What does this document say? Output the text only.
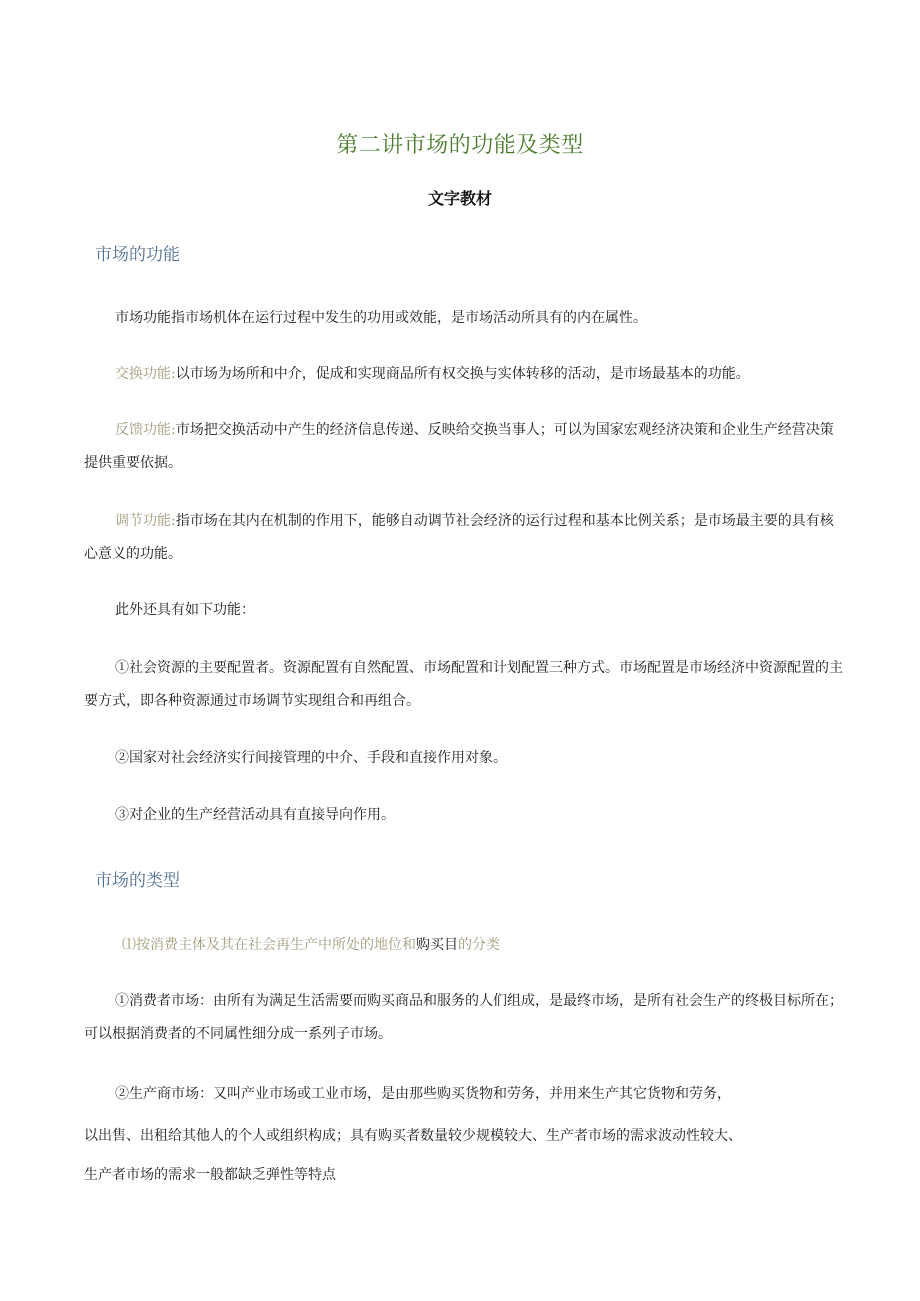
第二讲市场的功能及类型
文字教材
市场的功能
市场功能指市场机体在运行过程中发生的功用或效能，是市场活动所具有的内在属性。
交换功能:以市场为场所和中介，促成和实现商品所有权交换与实体转移的活动，是市场最基本的功能。
反馈功能:市场把交换活动中产生的经济信息传递、反映给交换当事人；可以为国家宏观经济决策和企业生产经营决策提供重要依据。
调节功能:指市场在其内在机制的作用下，能够自动调节社会经济的运行过程和基本比例关系；是市场最主要的具有核心意义的功能。
此外还具有如下功能：
①社会资源的主要配置者。资源配置有自然配置、市场配置和计划配置三种方式。市场配置是市场经济中资源配置的主要方式，即各种资源通过市场调节实现组合和再组合。
②国家对社会经济实行间接管理的中介、手段和直接作用对象。
③对企业的生产经营活动具有直接导向作用。
市场的类型
⑴按消费主体及其在社会再生产中所处的地位和购买目的分类
①消费者市场：由所有为满足生活需要而购买商品和服务的人们组成，是最终市场，是所有社会生产的终极目标所在；可以根据消费者的不同属性细分成一系列子市场。
②生产商市场：又叫产业市场或工业市场，是由那些购买货物和劳务，并用来生产其它货物和劳务，
以出售、出租给其他人的个人或组织构成；具有购买者数量较少规模较大、生产者市场的需求波动性较大、
生产者市场的需求一般都缺乏弹性等特点
